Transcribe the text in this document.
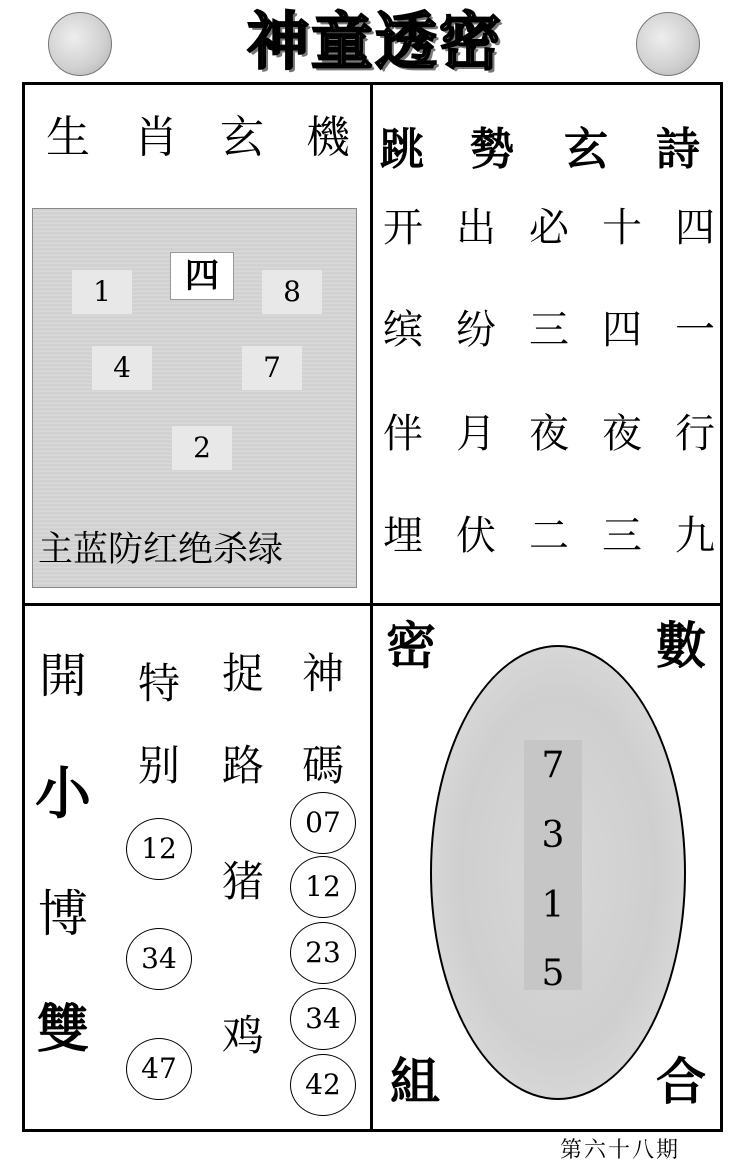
神童透密
生 肖 玄 機
1	8
4	7
2
四
主蓝防红绝杀绿
跳 勢 玄 詩
开 出 必 十 四
缤 纷 三 四 一
伴 月 夜 夜 行
埋 伏 二 三 九
開
小
博
雙
特
别
捉
路
神
碼
12
34
47
猪
鸡
07
12
23
34
42
7
3
1
5
密	數
組	合
第六十八期
